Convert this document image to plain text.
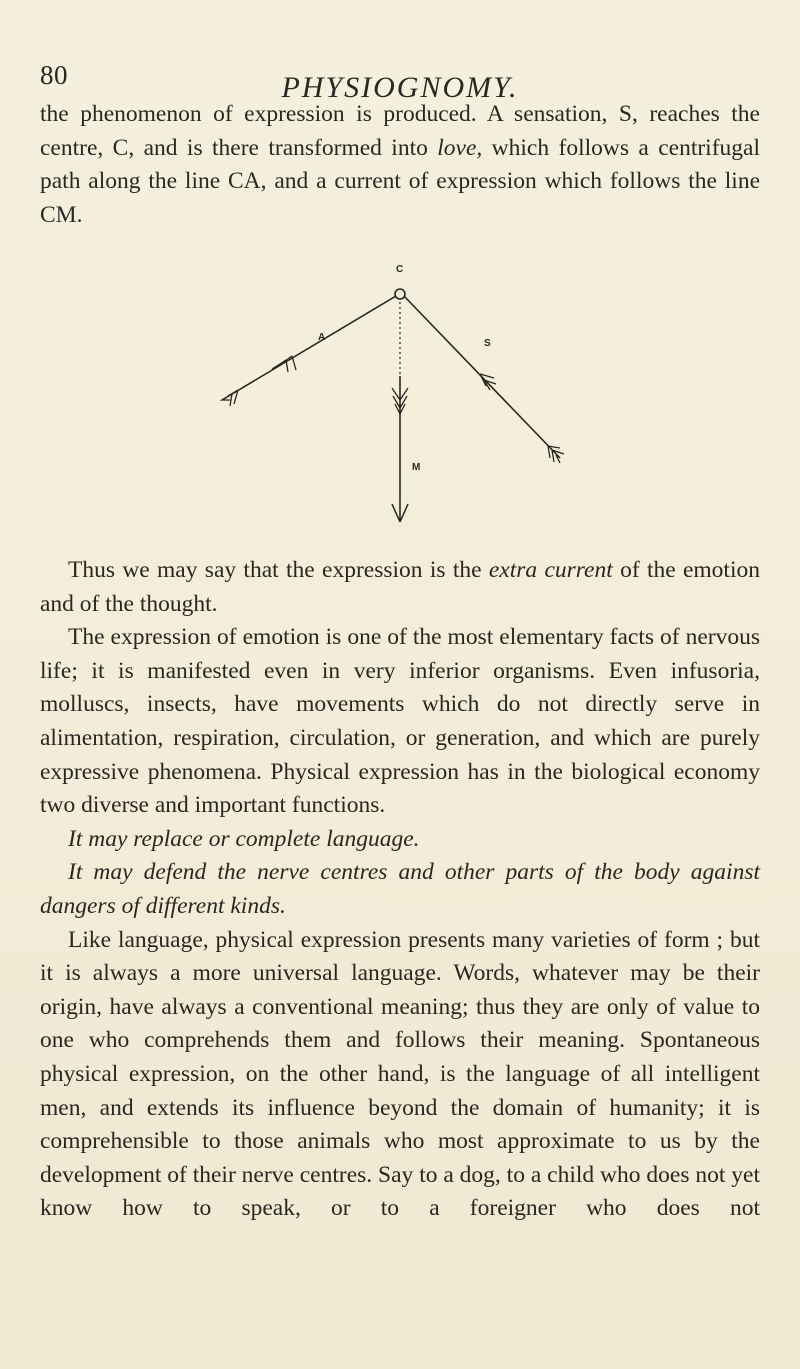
80	PHYSIOGNOMY.

the phenomenon of expression is produced. A sensation, S, reaches the centre, C, and is there transformed into love, which follows a centrifugal path along the line CA, and a current of expression which follows the line CM.

C
A
S
M

Thus we may say that the expression is the extra current of the emotion and of the thought.

The expression of emotion is one of the most elementary facts of nervous life; it is manifested even in very inferior organisms. Even infusoria, molluscs, insects, have movements which do not directly serve in alimentation, respiration, circulation, or generation, and which are purely expressive phenomena. Physical expression has in the biological economy two diverse and important functions.

It may replace or complete language.

It may defend the nerve centres and other parts of the body against dangers of different kinds.

Like language, physical expression presents many varieties of form ; but it is always a more universal language. Words, whatever may be their origin, have always a conventional meaning; thus they are only of value to one who comprehends them and follows their meaning. Spontaneous physical expression, on the other hand, is the language of all intelligent men, and extends its influence beyond the domain of humanity; it is comprehensible to those animals who most approximate to us by the development of their nerve centres. Say to a dog, to a child who does not yet know how to speak, or to a foreigner who does not
